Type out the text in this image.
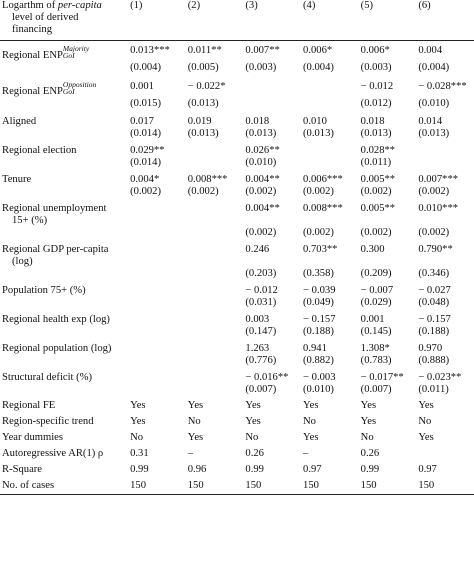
Logarthm of per-capita
level of derived
financing	(1)	(2)	(3)	(4)	(5)	(6)
Regional ENP
Majority
GoI	0.013***	0.011**	0.007**	0.006*	0.006*	0.004
	(0.004)	(0.005)	(0.003)	(0.004)	(0.003)	(0.004)
Regional ENP
Opposition
GoI	0.001	− 0.022*			− 0.012	− 0.028***
	(0.015)	(0.013)			(0.012)	(0.010)
Aligned	0.017	0.019	0.018	0.010	0.018	0.014
	(0.014)	(0.013)	(0.013)	(0.013)	(0.013)	(0.013)
Regional election	0.029**		0.026**		0.028**	
	(0.014)		(0.010)		(0.011)	
Tenure	0.004*	0.008***	0.004**	0.006***	0.005**	0.007***
	(0.002)	(0.002)	(0.002)	(0.002)	(0.002)	(0.002)
Regional unemployment
15+ (%)			0.004**	0.008***	0.005**	0.010***
			(0.002)	(0.002)	(0.002)	(0.002)
Regional GDP per-capita
(log)			0.246	0.703**	0.300	0.790**
			(0.203)	(0.358)	(0.209)	(0.346)
Population 75+ (%)			− 0.012	− 0.039	− 0.007	− 0.027
			(0.031)	(0.049)	(0.029)	(0.048)
Regional health exp (log)			0.003	− 0.157	0.001	− 0.157
			(0.147)	(0.188)	(0.145)	(0.188)
Regional population (log)			1.263	0.941	1.308*	0.970
			(0.776)	(0.882)	(0.783)	(0.888)
Structural deficit (%)			− 0.016**	− 0.003	− 0.017**	− 0.023**
			(0.007)	(0.010)	(0.007)	(0.011)
Regional FE	Yes	Yes	Yes	Yes	Yes	Yes
Region-specific trend	Yes	No	Yes	No	Yes	No
Year dummies	No	Yes	No	Yes	No	Yes
Autoregressive AR(1) ρ	0.31	–	0.26	–	0.26	
R-Square	0.99	0.96	0.99	0.97	0.99	0.97
No. of cases	150	150	150	150	150	150
